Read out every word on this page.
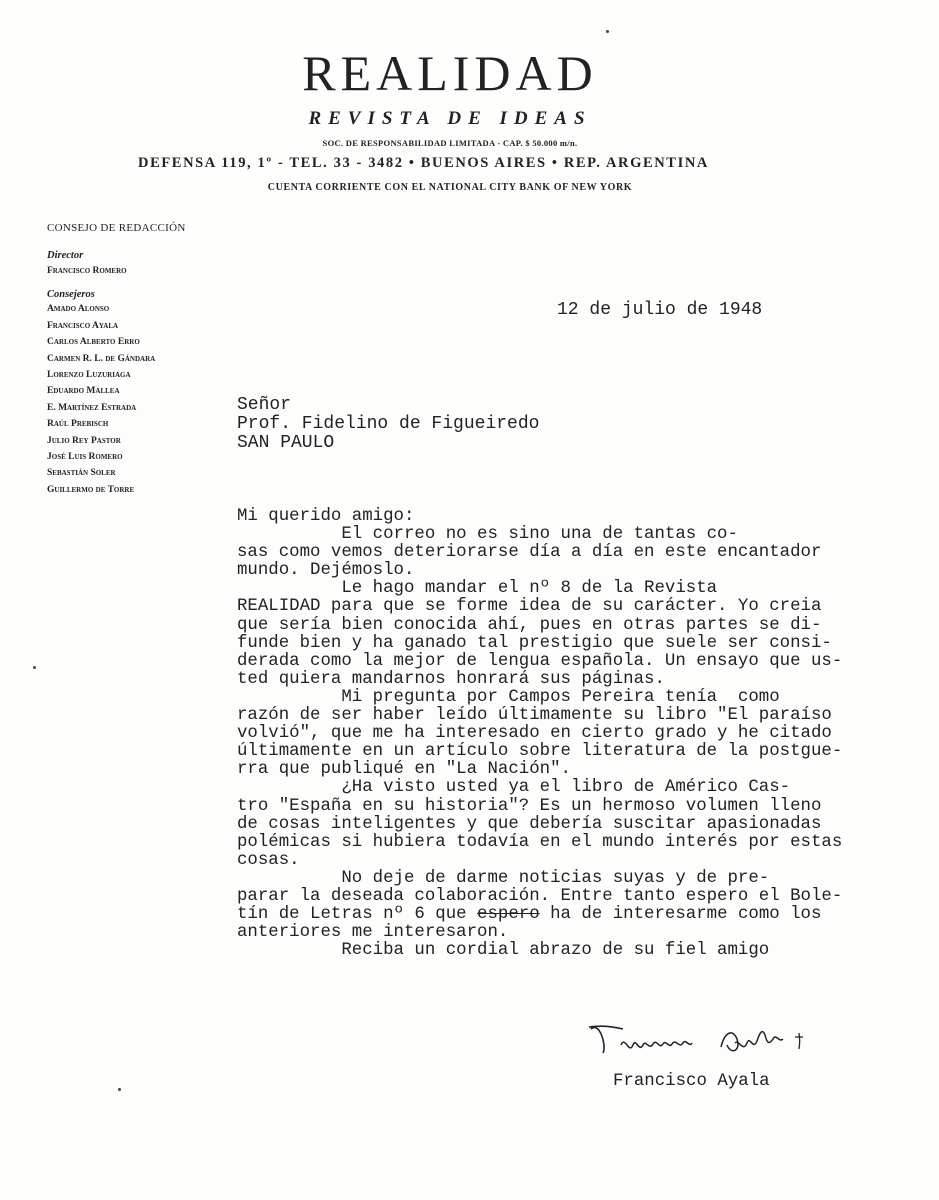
REALIDAD
REVISTA DE IDEAS
SOC. DE RESPONSABILIDAD LIMITADA - CAP. $ 50.000 m/n.
DEFENSA 119, 1º - TEL. 33 - 3482 • BUENOS AIRES • REP. ARGENTINA
CUENTA CORRIENTE CON EL NATIONAL CITY BANK OF NEW YORK
CONSEJO DE REDACCIÓN
Director
Francisco Romero
Consejeros
Amado Alonso
Francisco Ayala
Carlos Alberto Erro
Carmen R. L. de Gándara
Lorenzo Luzuriaga
Eduardo Mallea
E. Martínez Estrada
Raúl Prebisch
Julio Rey Pastor
José Luis Romero
Sebastián Soler
Guillermo de Torre
12 de julio de 1948
Señor
Prof. Fidelino de Figueiredo
SAN PAULO
Mi querido amigo:
El correo no es sino una de tantas co-
sas como vemos deteriorarse día a día en este encantador
mundo. Dejémoslo.
Le hago mandar el nº 8 de la Revista
REALIDAD para que se forme idea de su carácter. Yo creia
que sería bien conocida ahí, pues en otras partes se di-
funde bien y ha ganado tal prestigio que suele ser consi-
derada como la mejor de lengua española. Un ensayo que us-
ted quiera mandarnos honrará sus páginas.
Mi pregunta por Campos Pereira tenía  como
razón de ser haber leído últimamente su libro "El paraíso
volvió", que me ha interesado en cierto grado y he citado
últimamente en un artículo sobre literatura de la postgue-
rra que publiqué en "La Nación".
¿Ha visto usted ya el libro de Américo Cas-
tro "España en su historia"? Es un hermoso volumen lleno
de cosas inteligentes y que debería suscitar apasionadas
polémicas si hubiera todavía en el mundo interés por estas
cosas.
No deje de darme noticias suyas y de pre-
parar la deseada colaboración. Entre tanto espero el Bole-
tín de Letras nº 6 que espero ha de interesarme como los
anteriores me interesaron.
Reciba un cordial abrazo de su fiel amigo
Francisco Ayala
